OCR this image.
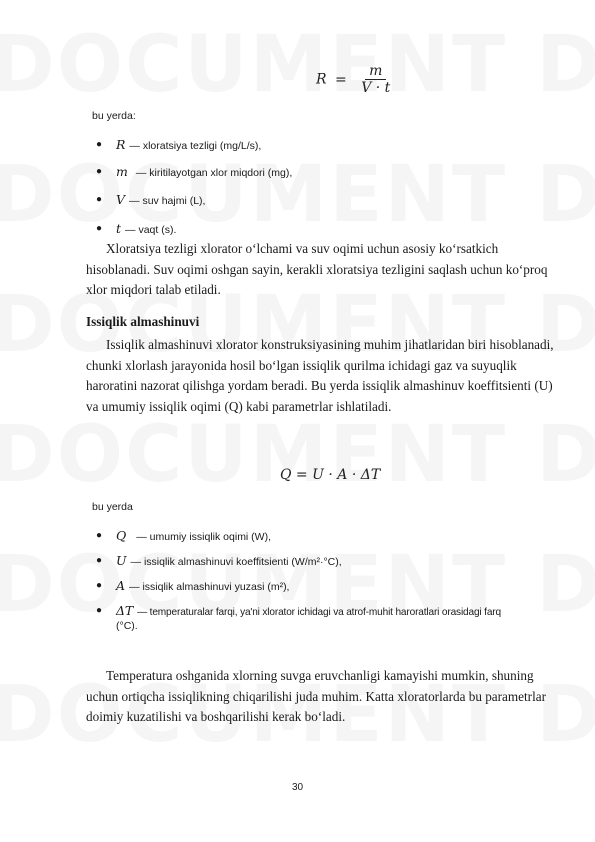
$R = \frac{m}{V \cdot t}$
bu yerda:
● R — xloratsiya tezligi (mg/L/s),
● m — kiritilayotgan xlor miqdori (mg),
● V — suv hajmi (L),
● t — vaqt (s).
Xloratsiya tezligi xlorator o‘lchami va suv oqimi uchun asosiy ko‘rsatkich hisoblanadi. Suv oqimi oshgan sayin, kerakli xloratsiya tezligini saqlash uchun ko‘proq xlor miqdori talab etiladi.
Issiqlik almashinuvi
Issiqlik almashinuvi xlorator konstruksiyasining muhim jihatlaridan biri hisoblanadi, chunki xlorlash jarayonida hosil bo‘lgan issiqlik qurilma ichidagi gaz va suyuqlik haroratini nazorat qilishga yordam beradi. Bu yerda issiqlik almashinuv koeffitsienti (U) va umumiy issiqlik oqimi (Q) kabi parametrlar ishlatiladi.
Q = U · A · ΔT
bu yerda
● Q — umumiy issiqlik oqimi (W),
● U — issiqlik almashinuvi koeffitsienti (W/m²·°C),
● A — issiqlik almashinuvi yuzasi (m²),
● ΔT — temperaturalar farqi, ya'ni xlorator ichidagi va atrof-muhit haroratlari orasidagi farq
(°C).
Temperatura oshganida xlorning suvga eruvchanligi kamayishi mumkin, shuning uchun ortiqcha issiqlikning chiqarilishi juda muhim. Katta xloratorlarda bu parametrlar doimiy kuzatilishi va boshqarilishi kerak bo‘ladi.
30
